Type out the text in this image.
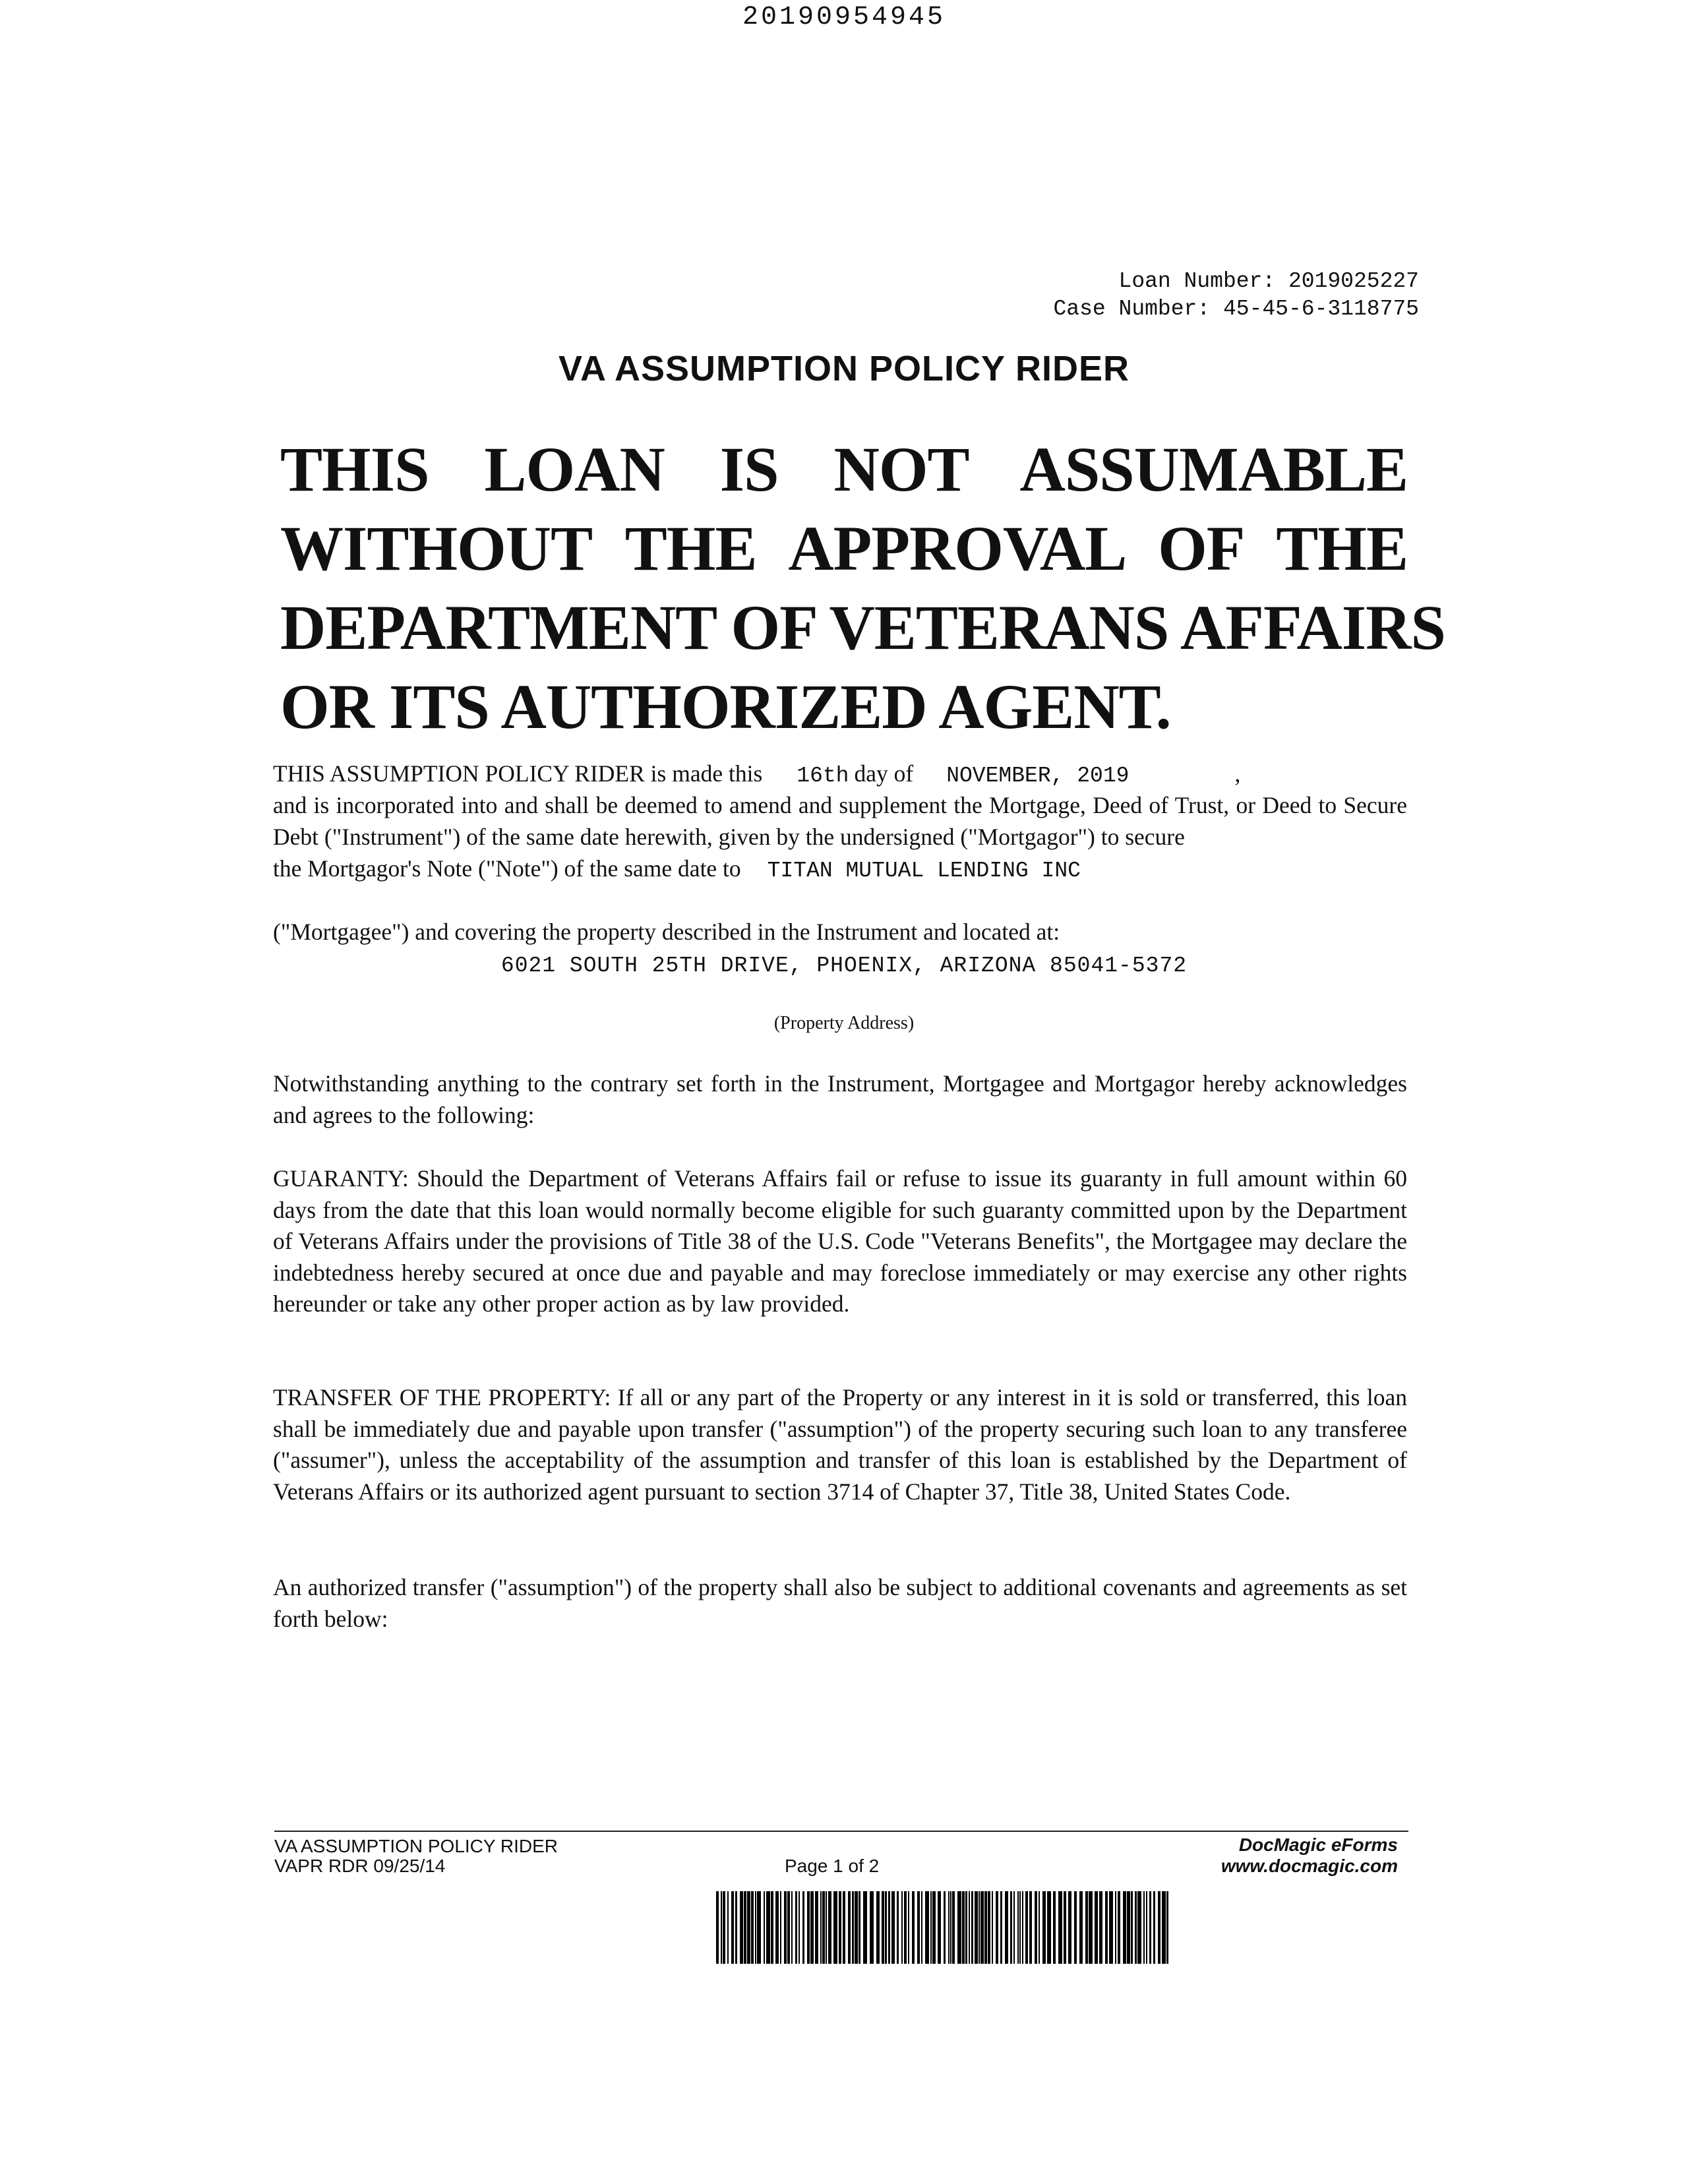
20190954945
Loan Number: 2019025227
Case Number: 45-45-6-3118775
VA ASSUMPTION POLICY RIDER
THIS LOAN IS NOT ASSUMABLE
WITHOUT THE APPROVAL OF THE
DEPARTMENT OF VETERANS AFFAIRS
OR ITS AUTHORIZED AGENT.
THIS ASSUMPTION POLICY RIDER is made this 16th day of NOVEMBER, 2019	,
and is incorporated into and shall be deemed to amend and supplement the Mortgage, Deed of Trust, or Deed to Secure Debt ("Instrument") of the same date herewith, given by the undersigned ("Mortgagor") to secure
the Mortgagor's Note ("Note") of the same date to TITAN MUTUAL LENDING INC
("Mortgagee") and covering the property described in the Instrument and located at:
6021 SOUTH 25TH DRIVE, PHOENIX, ARIZONA 85041-5372
(Property Address)
Notwithstanding anything to the contrary set forth in the Instrument, Mortgagee and Mortgagor hereby acknowledges and agrees to the following:
GUARANTY: Should the Department of Veterans Affairs fail or refuse to issue its guaranty in full amount within 60 days from the date that this loan would normally become eligible for such guaranty committed upon by the Department of Veterans Affairs under the provisions of Title 38 of the U.S. Code "Veterans Benefits", the Mortgagee may declare the indebtedness hereby secured at once due and payable and may foreclose immediately or may exercise any other rights hereunder or take any other proper action as by law provided.
TRANSFER OF THE PROPERTY: If all or any part of the Property or any interest in it is sold or transferred, this loan shall be immediately due and payable upon transfer ("assumption") of the property securing such loan to any transferee ("assumer"), unless the acceptability of the assumption and transfer of this loan is established by the Department of Veterans Affairs or its authorized agent pursuant to section 3714 of Chapter 37, Title 38, United States Code.
An authorized transfer ("assumption") of the property shall also be subject to additional covenants and agreements as set forth below:
VA ASSUMPTION POLICY RIDER
VAPR RDR 09/25/14	Page 1 of 2
DocMagic eForms
www.docmagic.com
